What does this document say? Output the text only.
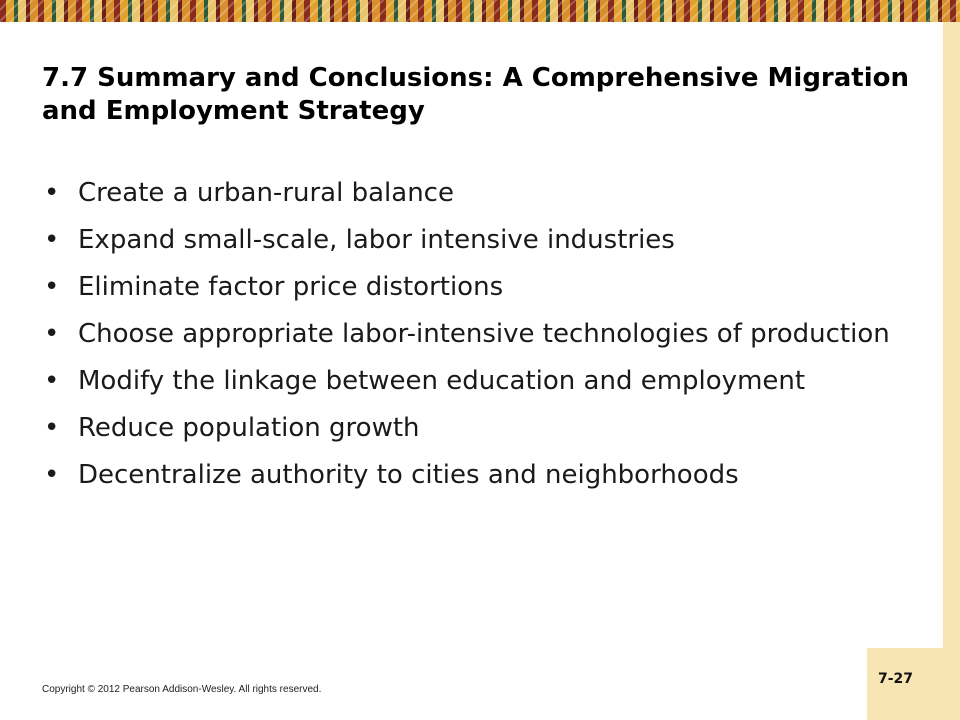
7.7 Summary and Conclusions: A Comprehensive Migration and Employment Strategy
• Create a urban-rural balance
• Expand small-scale, labor intensive industries
• Eliminate factor price distortions
• Choose appropriate labor-intensive technologies of production
• Modify the linkage between education and employment
• Reduce population growth
• Decentralize authority to cities and neighborhoods
Copyright © 2012 Pearson Addison-Wesley. All rights reserved.
7-27
